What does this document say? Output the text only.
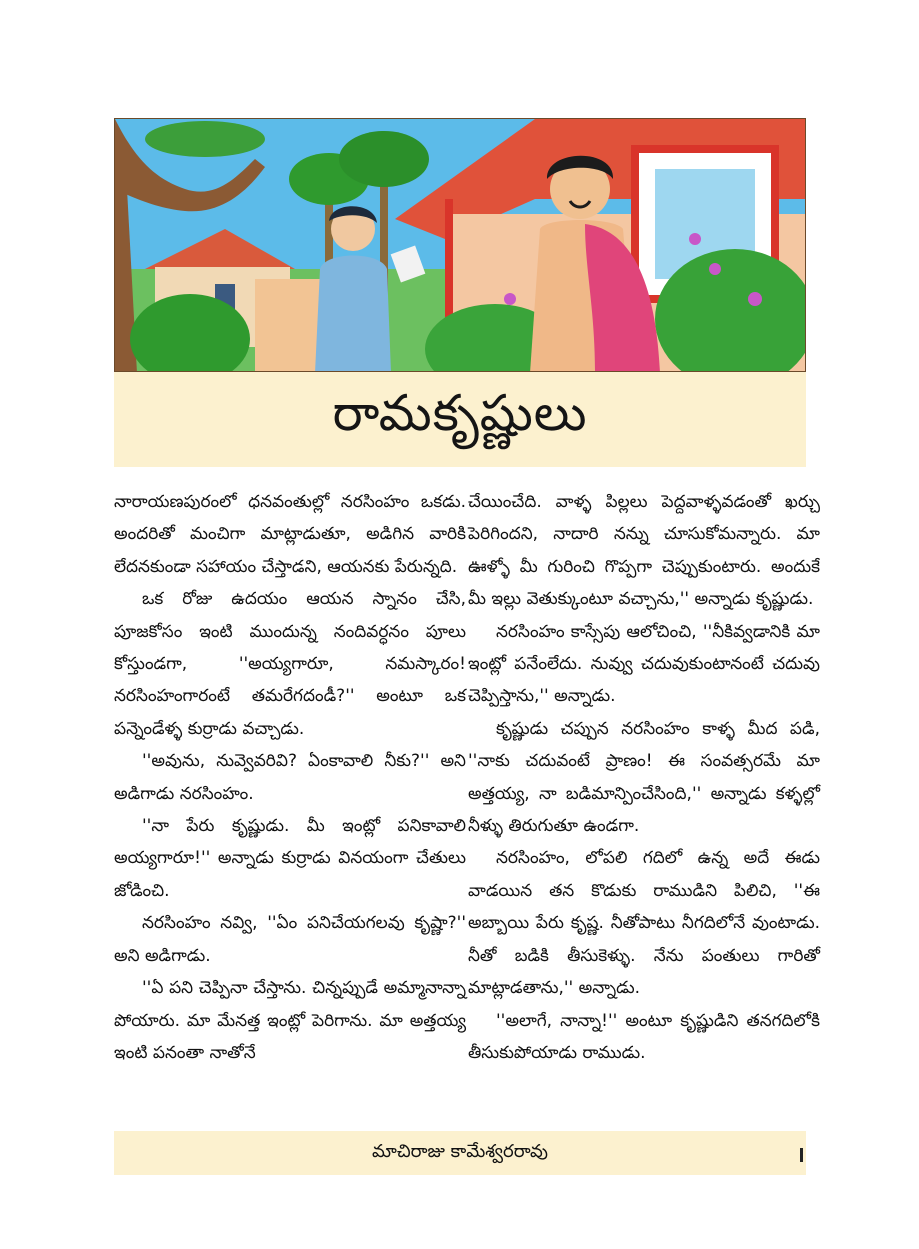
రామకృష్ణులు

నారాయణపురంలో ధనవంతుల్లో నరసింహం ఒకడు. అందరితో మంచిగా మాట్లాడుతూ, అడిగిన వారికి లేదనకుండా సహాయం చేస్తాడని, ఆయనకు పేరున్నది.

ఒక రోజు ఉదయం ఆయన స్నానం చేసి, పూజకోసం ఇంటి ముందున్న నందివర్ధనం పూలు కోస్తుండగా, ''అయ్యగారూ, నమస్కారం! నరసింహంగారంటే తమరేగదండీ?'' అంటూ ఒక పన్నెండేళ్ళ కుర్రాడు వచ్చాడు.

''అవును, నువ్వెవరివి? ఏంకావాలి నీకు?'' అని అడిగాడు నరసింహం.

''నా పేరు కృష్ణుడు. మీ ఇంట్లో పనికావాలి అయ్యగారూ!'' అన్నాడు కుర్రాడు వినయంగా చేతులు జోడించి.

నరసింహం నవ్వి, ''ఏం పనిచేయగలవు కృష్ణా?'' అని అడిగాడు.

''ఏ పని చెప్పినా చేస్తాను. చిన్నప్పుడే అమ్మానాన్నా పోయారు. మా మేనత్త ఇంట్లో పెరిగాను. మా అత్తయ్య ఇంటి పనంతా నాతోనే

చేయించేది. వాళ్ళ పిల్లలు పెద్దవాళ్ళవడంతో ఖర్చు పెరిగిందని, నాదారి నన్ను చూసుకోమన్నారు. మా ఊళ్ళో మీ గురించి గొప్పగా చెప్పుకుంటారు. అందుకే మీ ఇల్లు వెతుక్కుంటూ వచ్చాను,'' అన్నాడు కృష్ణుడు.

నరసింహం కాస్సేపు ఆలోచించి, ''నీకివ్వడానికి మా ఇంట్లో పనేంలేదు. నువ్వు చదువుకుంటానంటే చదువు చెప్పిస్తాను,'' అన్నాడు.

కృష్ణుడు చప్పున నరసింహం కాళ్ళ మీద పడి, ''నాకు చదువంటే ప్రాణం! ఈ సంవత్సరమే మా అత్తయ్య, నా బడిమాన్పించేసింది,'' అన్నాడు కళ్ళల్లో నీళ్ళు తిరుగుతూ ఉండగా.

నరసింహం, లోపలి గదిలో ఉన్న అదే ఈడు వాడయిన తన కొడుకు రాముడిని పిలిచి, ''ఈ అబ్బాయి పేరు కృష్ణ. నీతోపాటు నీగదిలోనే వుంటాడు. నీతో బడికి తీసుకెళ్ళు. నేను పంతులు గారితో మాట్లాడతాను,'' అన్నాడు.

''అలాగే, నాన్నా!'' అంటూ కృష్ణుడిని తనగదిలోకి తీసుకుపోయాడు రాముడు.

మాచిరాజు కామేశ్వరరావు
